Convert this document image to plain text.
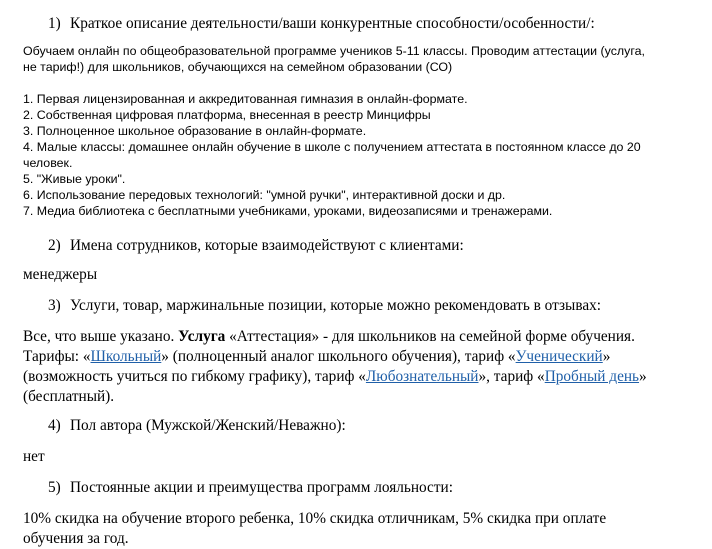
1) Краткое описание деятельности/ваши конкурентные способности/особенности/:
Обучаем онлайн по общеобразовательной программе учеников 5-11 классы. Проводим аттестации (услуга,
не тариф!) для школьников, обучающихся на семейном образовании (СО)
1. Первая лицензированная и аккредитованная гимназия в онлайн-формате.
2. Собственная цифровая платформа, внесенная в реестр Минцифры
3. Полноценное школьное образование в онлайн-формате.
4. Малые классы: домашнее онлайн обучение в школе с получением аттестата в постоянном классе до 20
человек.
5. "Живые уроки".
6. Использование передовых технологий: "умной ручки", интерактивной доски и др.
7. Медиа библиотека с бесплатными учебниками, уроками, видеозаписями и тренажерами.
2) Имена сотрудников, которые взаимодействуют с клиентами:
менеджеры
3) Услуги, товар, маржинальные позиции, которые можно рекомендовать в отзывах:
Все, что выше указано. Услуга «Аттестация» - для школьников на семейной форме обучения.
Тарифы: «Школьный» (полноценный аналог школьного обучения), тариф «Ученический»
(возможность учиться по гибкому графику), тариф «Любознательный», тариф «Пробный день»
(бесплатный).
4) Пол автора (Мужской/Женский/Неважно):
нет
5) Постоянные акции и преимущества программ лояльности:
10% скидка на обучение второго ребенка, 10% скидка отличникам, 5% скидка при оплате
обучения за год.
